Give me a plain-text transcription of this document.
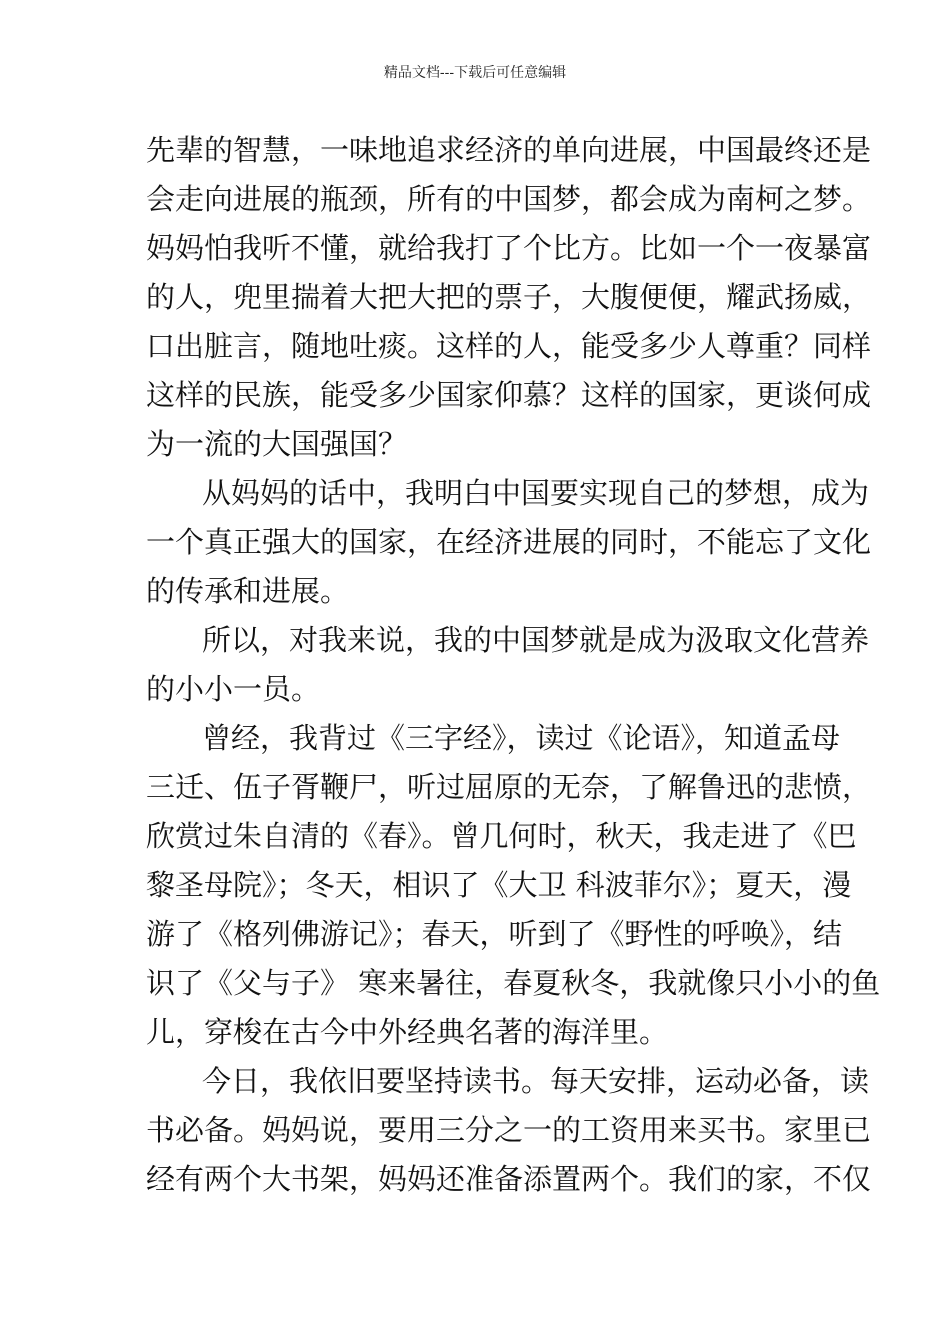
精品文档---下载后可任意编辑
先辈的智慧，一味地追求经济的单向进展，中国最终还是
会走向进展的瓶颈，所有的中国梦，都会成为南柯之梦。
妈妈怕我听不懂，就给我打了个比方。比如一个一夜暴富
的人，兜里揣着大把大把的票子，大腹便便，耀武扬威，
口出脏言，随地吐痰。这样的人，能受多少人尊重？同样
这样的民族，能受多少国家仰慕？这样的国家，更谈何成
为一流的大国强国？
从妈妈的话中，我明白中国要实现自己的梦想，成为
一个真正强大的国家，在经济进展的同时，不能忘了文化
的传承和进展。
所以，对我来说，我的中国梦就是成为汲取文化营养
的小小一员。
曾经，我背过《三字经》，读过《论语》，知道孟母
三迁、伍子胥鞭尸，听过屈原的无奈，了解鲁迅的悲愤，
欣赏过朱自清的《春》。曾几何时，秋天，我走进了《巴
黎圣母院》；冬天，相识了《大卫 科波菲尔》；夏天，漫
游了《格列佛游记》；春天，听到了《野性的呼唤》，结
识了《父与子》 寒来暑往，春夏秋冬，我就像只小小的鱼
儿，穿梭在古今中外经典名著的海洋里。
今日，我依旧要坚持读书。每天安排，运动必备，读
书必备。妈妈说，要用三分之一的工资用来买书。家里已
经有两个大书架，妈妈还准备添置两个。我们的家，不仅
